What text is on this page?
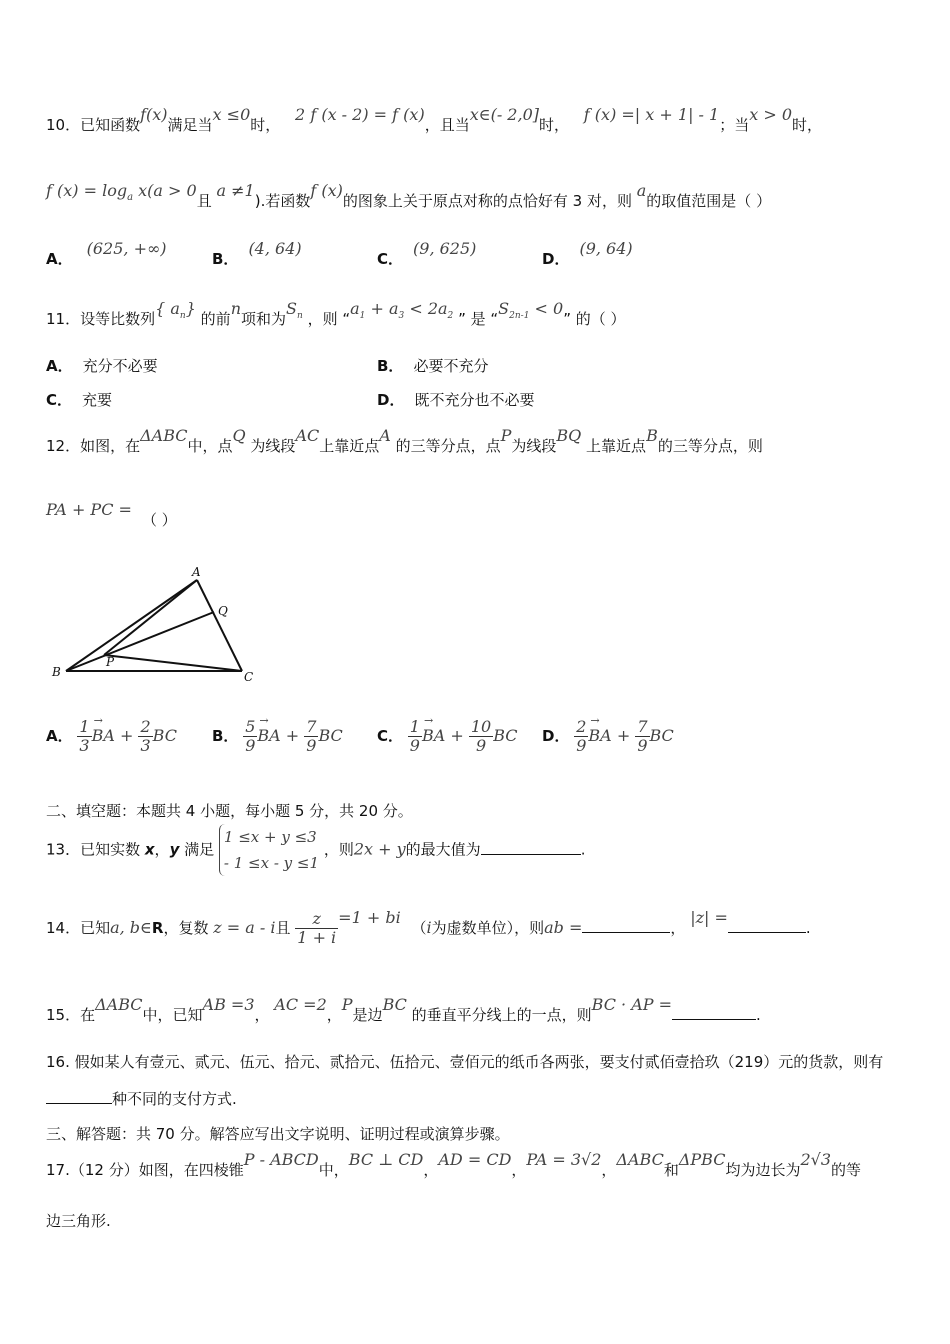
10．已知函数f(x)满足当x ≤0时， 2 f (x - 2) = f (x)，且当x∈(- 2,0]时， f (x) =| x + 1| - 1；当x > 0时，
f $(x) = \log_a x(a > 0$且 a ≠1).若函数f (x)的图象上关于原点对称的点恰好有 3 对，则 a的取值范围是（ ）
A．(625, +∞)
B．(4, 64)
C．(9, 625)
D．(9, 64)
11．设等比数列{ $a_n$} 的前n项和为$S_n$ ，则 “$a_1 + a_3 < 2a_2$ ” 是 “$S_{2n-1} < 0$” 的（ ）
A． 充分不必要	B． 必要不充分
C． 充要	D． 既不充分也不必要
12．如图，在ΔABC中，点Q 为线段AC上靠近点A 的三等分点，点P为线段BQ 上靠近点B的三等分点，则
PA + PC =（ ）
A
Q
B
P
C
A． $\frac{1}{3}$ → BA + $\frac{2}{3}$ BC B． $\frac{5}{9}$ → BA + $\frac{7}{9}$ BC C． $\frac{1}{9}$ → BA + $\frac{10}{9}$ BC D． $\frac{2}{9}$ → BA + $\frac{7}{9}$ BC
二、填空题：本题共 4 小题，每小题 5 分，共 20 分。
13．已知实数 x，y 满足
1 ≤x + y ≤3
- 1 ≤x - y ≤1
，则2x + y的最大值为	.
14．已知a, b∈R，复数 z = a - i且 $\frac{z}{1 + i} =1$ + bi （i为虚数单位），则ab =	， |z| =.
15．在ΔABC中，已知AB =3， AC =2，P是边BC 的垂直平分线上的一点，则BC · AP =.
16. 假如某人有壹元、贰元、伍元、拾元、贰拾元、伍拾元、壹佰元的纸币各两张，要支付贰佰壹拾玖（219）元的货款，则有
种不同的支付方式.
三、解答题：共 70 分。解答应写出文字说明、证明过程或演算步骤。
17.（12 分）如图，在四棱锥P - ABCD中，BC ⊥ CD，AD = CD，PA = 3√2，ΔABC和ΔPBC均为边长为2√3的等
边三角形.
